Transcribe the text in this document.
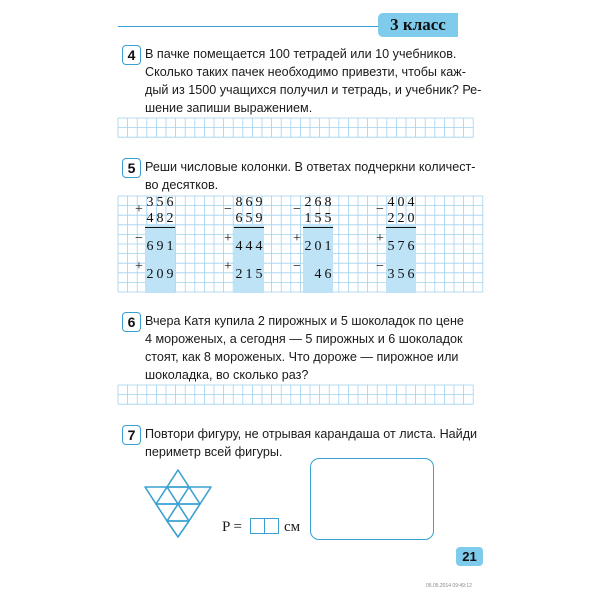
3 класс
4 В пачке помещается 100 тетрадей или 10 учебников.
Сколько таких пачек необходимо привезти, чтобы каж-
дый из 1500 учащихся получил и тетрадь, и учебник? Ре-
шение запиши выражением.
5 Реши числовые колонки. В ответах подчеркни количест-
во десятков.
+ 3 5 6
4 8 2
−
6 9 1
+
2 0 9
− 8 6 9
6 5 9
+
4 4 4
+
2 1 5
− 2 6 8
1 5 5
+
2 0 1
−
4 6
− 4 0 4
2 2 0
+
5 7 6
−
3 5 6
6 Вчера Катя купила 2 пирожных и 5 шоколадок по цене
4 мороженых, а сегодня — 5 пирожных и 6 шоколадок
стоят, как 8 мороженых. Что дороже — пирожное или
шоколадка, во сколько раз?
7 Повтори фигуру, не отрывая карандаша от листа. Найди
периметр всей фигуры.
P =	см
21
05.05.2014 09:49:12
